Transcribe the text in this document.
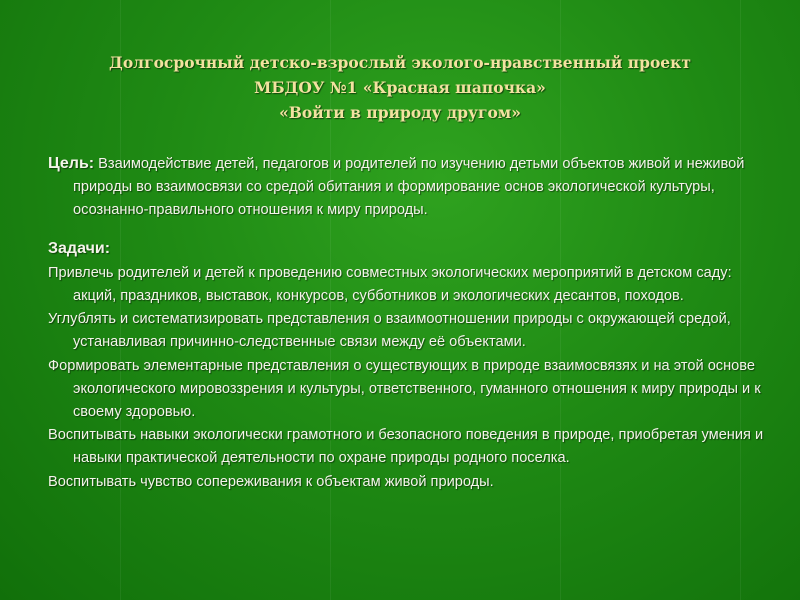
Долгосрочный детско-взрослый эколого-нравственный проект
МБДОУ №1 «Красная шапочка»
«Войти в природу другом»

Цель: Взаимодействие детей, педагогов и родителей по изучению детьми объектов живой и неживой природы во взаимосвязи со средой обитания и формирование основ экологической культуры, осознанно-правильного отношения к миру природы.

Задачи:

Привлечь родителей и детей к проведению совместных экологических мероприятий в детском саду: акций, праздников, выставок, конкурсов, субботников и экологических десантов, походов.

Углублять и систематизировать представления о взаимоотношении природы с окружающей средой, устанавливая причинно-следственные связи между её объектами.

Формировать элементарные представления о существующих в природе взаимосвязях и на этой основе экологического мировоззрения и культуры, ответственного, гуманного отношения к миру природы и к своему здоровью.

Воспитывать навыки экологически грамотного и безопасного поведения в природе, приобретая умения и навыки практической деятельности по охране природы родного поселка.

Воспитывать чувство сопереживания к объектам живой природы.
